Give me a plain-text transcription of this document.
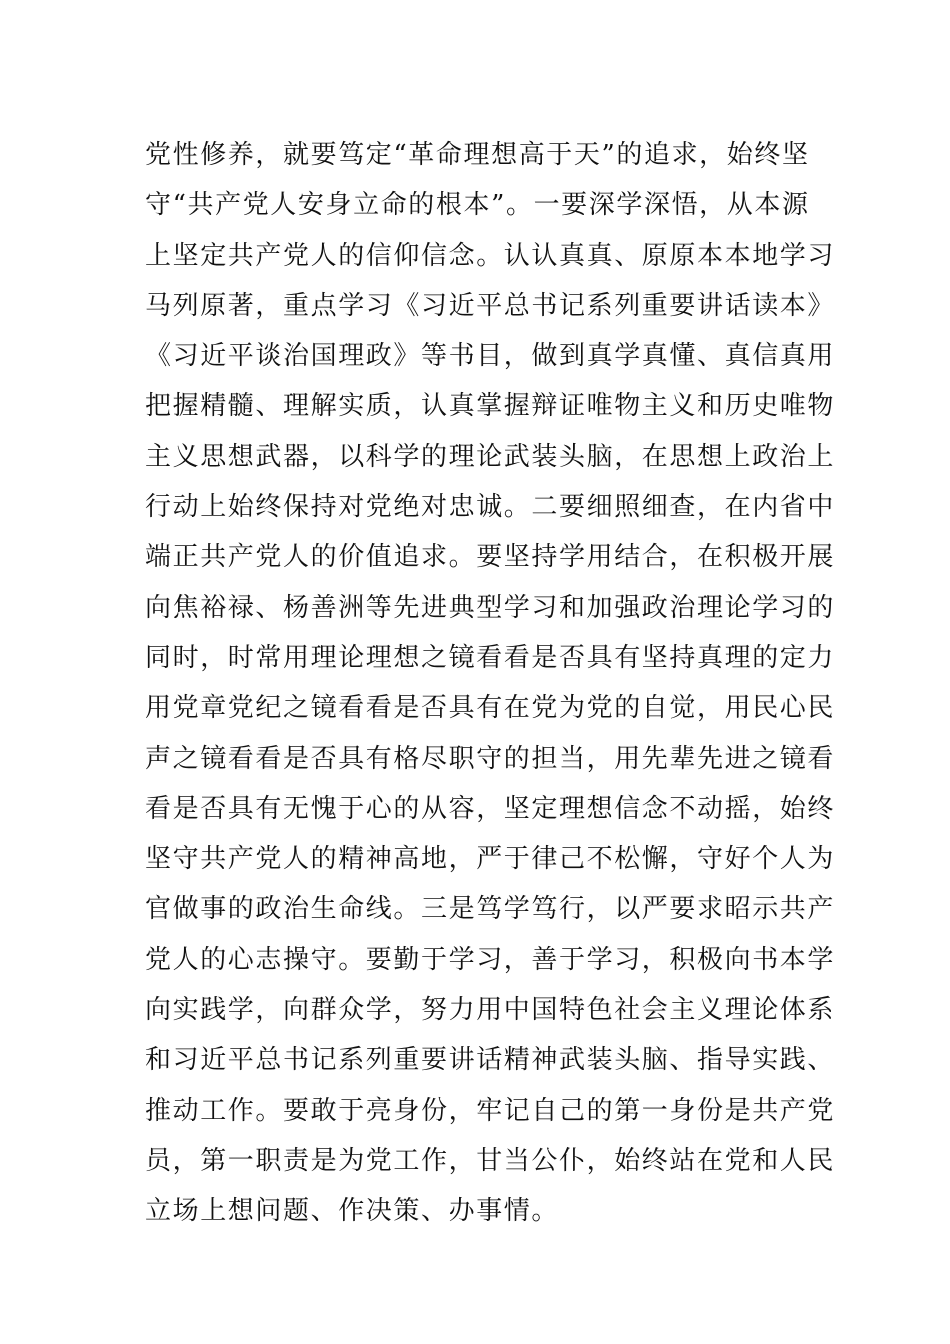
党性修养，就要笃定“革命理想高于天”的追求，始终坚
守“共产党人安身立命的根本”。一要深学深悟，从本源
上坚定共产党人的信仰信念。认认真真、原原本本地学习
马列原著，重点学习《习近平总书记系列重要讲话读本》
《习近平谈治国理政》等书目，做到真学真懂、真信真用
把握精髓、理解实质，认真掌握辩证唯物主义和历史唯物
主义思想武器，以科学的理论武装头脑，在思想上政治上
行动上始终保持对党绝对忠诚。二要细照细查，在内省中
端正共产党人的价值追求。要坚持学用结合，在积极开展
向焦裕禄、杨善洲等先进典型学习和加强政治理论学习的
同时，时常用理论理想之镜看看是否具有坚持真理的定力
用党章党纪之镜看看是否具有在党为党的自觉，用民心民
声之镜看看是否具有格尽职守的担当，用先辈先进之镜看
看是否具有无愧于心的从容，坚定理想信念不动摇，始终
坚守共产党人的精神高地，严于律己不松懈，守好个人为
官做事的政治生命线。三是笃学笃行，以严要求昭示共产
党人的心志操守。要勤于学习，善于学习，积极向书本学
向实践学，向群众学，努力用中国特色社会主义理论体系
和习近平总书记系列重要讲话精神武装头脑、指导实践、
推动工作。要敢于亮身份，牢记自己的第一身份是共产党
员，第一职责是为党工作，甘当公仆，始终站在党和人民
立场上想问题、作决策、办事情。
